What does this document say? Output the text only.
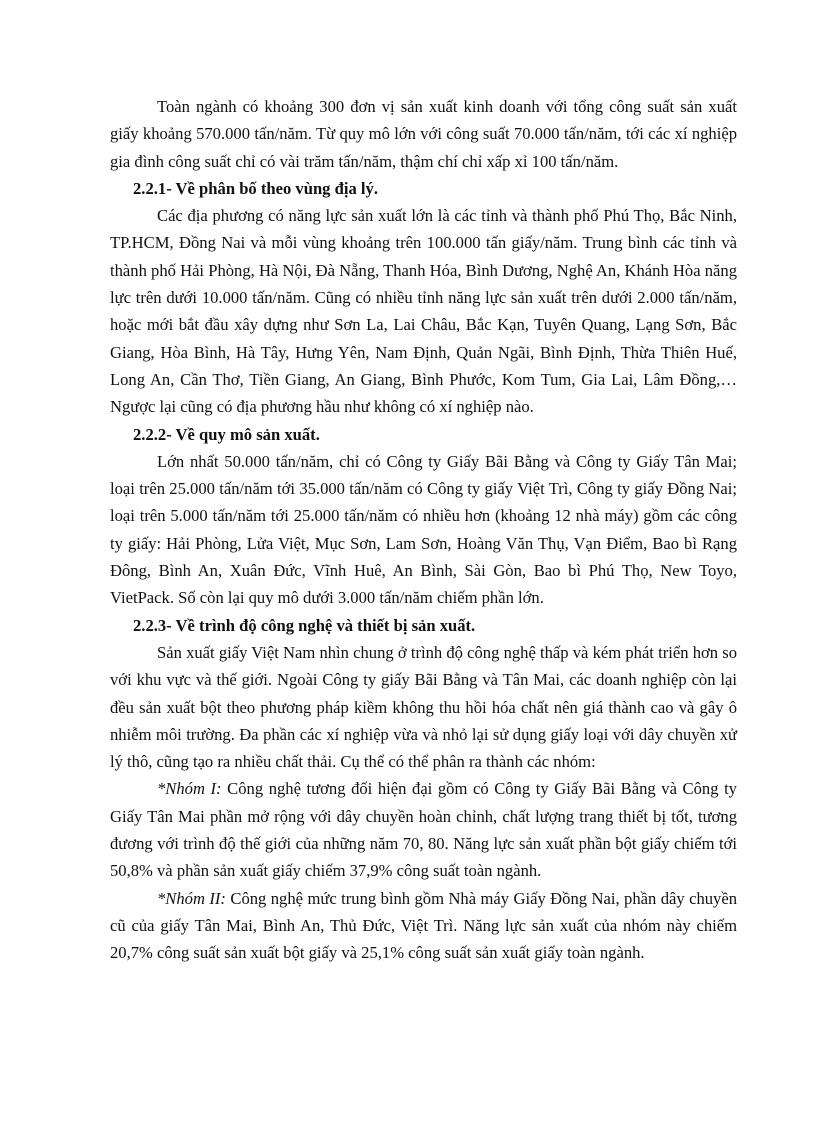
Toàn ngành có khoảng 300 đơn vị sản xuất kinh doanh với tổng công suất sản xuất giấy khoảng 570.000 tấn/năm. Từ quy mô lớn với công suất 70.000 tấn/năm, tới các xí nghiệp gia đình công suất chỉ có vài trăm tấn/năm, thậm chí chỉ xấp xỉ 100 tấn/năm.

2.2.1- Về phân bố theo vùng địa lý.

Các địa phương có năng lực sản xuất lớn là các tỉnh và thành phố Phú Thọ, Bắc Ninh, TP.HCM, Đồng Nai và mỗi vùng khoảng trên 100.000 tấn giấy/năm. Trung bình các tỉnh và thành phố Hải Phòng, Hà Nội, Đà Nẵng, Thanh Hóa, Bình Dương, Nghệ An, Khánh Hòa năng lực trên dưới 10.000 tấn/năm. Cũng có nhiều tỉnh năng lực sản xuất trên dưới 2.000 tấn/năm, hoặc mới bắt đầu xây dựng như Sơn La, Lai Châu, Bắc Kạn, Tuyên Quang, Lạng Sơn, Bắc Giang, Hòa Bình, Hà Tây, Hưng Yên, Nam Định, Quản Ngãi, Bình Định, Thừa Thiên Huế, Long An, Cần Thơ, Tiền Giang, An Giang, Bình Phước, Kom Tum, Gia Lai, Lâm Đồng,…Ngược lại cũng có địa phương hầu như không có xí nghiệp nào.

2.2.2- Về quy mô sản xuất.

Lớn nhất 50.000 tấn/năm, chỉ có Công ty Giấy Bãi Bằng và Công ty Giấy Tân Mai; loại trên 25.000 tấn/năm tới 35.000 tấn/năm có Công ty giấy Việt Trì, Công ty giấy Đồng Nai; loại trên 5.000 tấn/năm tới 25.000 tấn/năm có nhiều hơn (khoảng 12 nhà máy) gồm các công ty giấy: Hải Phòng, Lửa Việt, Mục Sơn, Lam Sơn, Hoàng Văn Thụ, Vạn Điểm, Bao bì Rạng Đông, Bình An, Xuân Đức, Vĩnh Huê, An Bình, Sài Gòn, Bao bì Phú Thọ, New Toyo, VietPack. Số còn lại quy mô dưới 3.000 tấn/năm chiếm phần lớn.

2.2.3- Về trình độ công nghệ và thiết bị sản xuất.

Sản xuất giấy Việt Nam nhìn chung ở trình độ công nghệ thấp và kém phát triển hơn so với khu vực và thế giới. Ngoài Công ty giấy Bãi Bằng và Tân Mai, các doanh nghiệp còn lại đều sản xuất bột theo phương pháp kiềm không thu hồi hóa chất nên giá thành cao và gây ô nhiễm môi trường. Đa phần các xí nghiệp vừa và nhỏ lại sử dụng giấy loại với dây chuyền xử lý thô, cũng tạo ra nhiều chất thải. Cụ thể có thể phân ra thành các nhóm:

*Nhóm I: Công nghệ tương đối hiện đại gồm có Công ty Giấy Bãi Bằng và Công ty Giấy Tân Mai phần mở rộng với dây chuyền hoàn chỉnh, chất lượng trang thiết bị tốt, tương đương với trình độ thế giới của những năm 70, 80. Năng lực sản xuất phần bột giấy chiếm tới 50,8% và phần sản xuất giấy chiếm 37,9% công suất toàn ngành.

*Nhóm II: Công nghệ mức trung bình gồm Nhà máy Giấy Đồng Nai, phần dây chuyền cũ của giấy Tân Mai, Bình An, Thủ Đức, Việt Trì. Năng lực sản xuất của nhóm này chiếm 20,7% công suất sản xuất bột giấy và 25,1% công suất sản xuất giấy toàn ngành.
